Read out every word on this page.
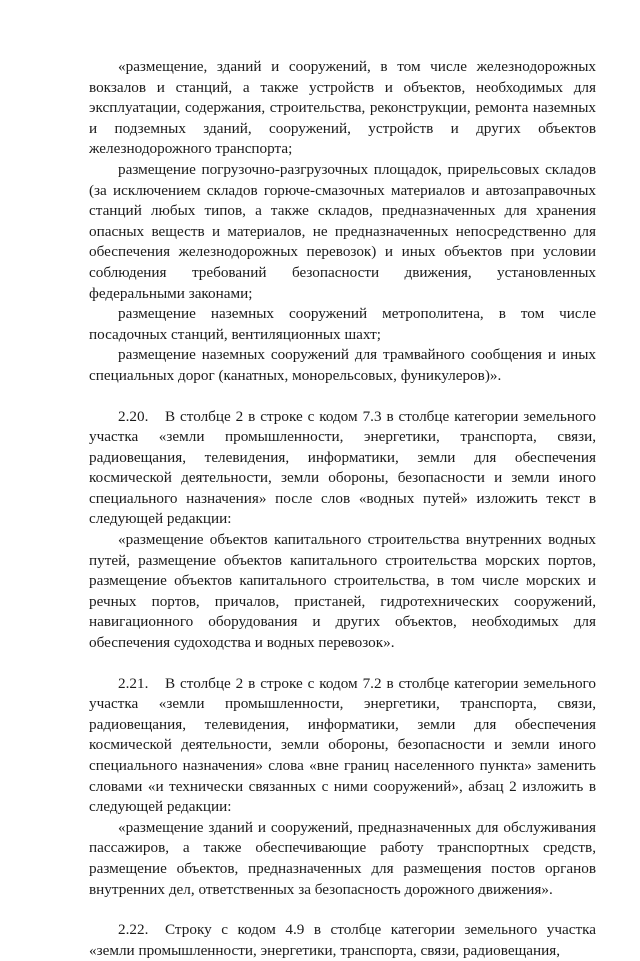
«размещение, зданий и сооружений, в том числе железнодорожных вокзалов и станций, а также устройств и объектов, необходимых для эксплуатации, содержания, строительства, реконструкции, ремонта наземных и подземных зданий, сооружений, устройств и других объектов железнодорожного транспорта;

размещение погрузочно-разгрузочных площадок, прирельсовых складов (за исключением складов горюче-смазочных материалов и автозаправочных станций любых типов, а также складов, предназначенных для хранения опасных веществ и материалов, не предназначенных непосредственно для обеспечения железнодорожных перевозок) и иных объектов при условии соблюдения требований безопасности движения, установленных федеральными законами;

размещение наземных сооружений метрополитена, в том числе посадочных станций, вентиляционных шахт;

размещение наземных сооружений для трамвайного сообщения и иных специальных дорог (канатных, монорельсовых, фуникулеров)».

2.20. В столбце 2 в строке с кодом 7.3 в столбце категории земельного участка «земли промышленности, энергетики, транспорта, связи, радиовещания, телевидения, информатики, земли для обеспечения космической деятельности, земли обороны, безопасности и земли иного специального назначения» после слов «водных путей» изложить текст в следующей редакции:

«размещение объектов капитального строительства внутренних водных путей, размещение объектов капитального строительства морских портов, размещение объектов капитального строительства, в том числе морских и речных портов, причалов, пристаней, гидротехнических сооружений, навигационного оборудования и других объектов, необходимых для обеспечения судоходства и водных перевозок».

2.21. В столбце 2 в строке с кодом 7.2 в столбце категории земельного участка «земли промышленности, энергетики, транспорта, связи, радиовещания, телевидения, информатики, земли для обеспечения космической деятельности, земли обороны, безопасности и земли иного специального назначения» слова «вне границ населенного пункта» заменить словами «и технически связанных с ними сооружений», абзац 2 изложить в следующей редакции:

«размещение зданий и сооружений, предназначенных для обслуживания пассажиров, а также обеспечивающие работу транспортных средств, размещение объектов, предназначенных для размещения постов органов внутренних дел, ответственных за безопасность дорожного движения».

2.22. Строку с кодом 4.9 в столбце категории земельного участка «земли промышленности, энергетики, транспорта, связи, радиовещания,
